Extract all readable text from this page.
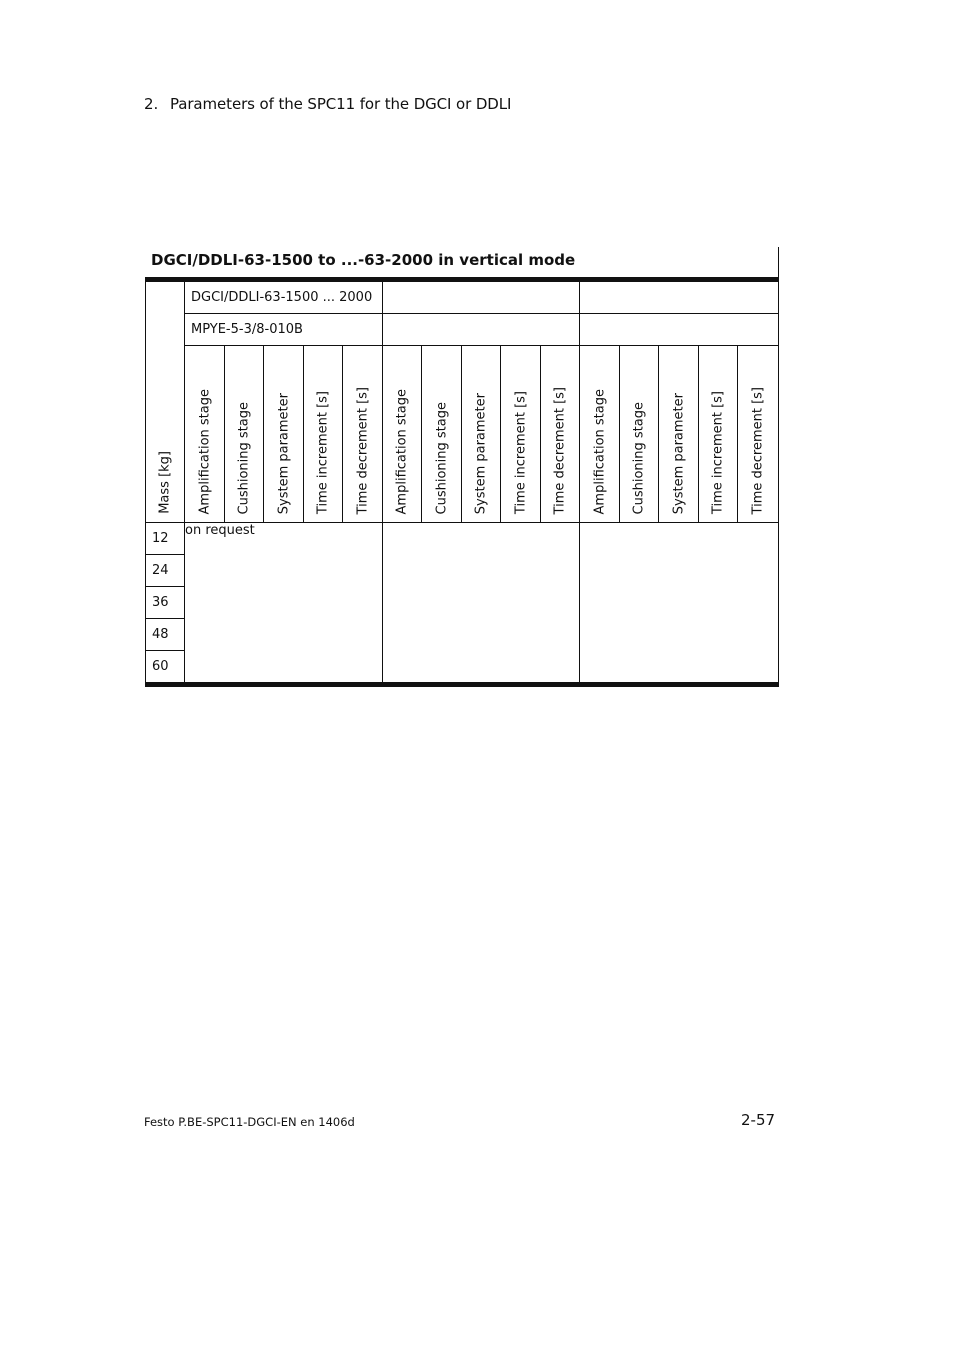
2. Parameters of the SPC11 for the DGCI or DDLI
DGCI/DDLI-63-1500 to ...-63-2000 in vertical mode
Mass [kg]	DGCI/DDLI-63-1500 ... 2000														
	MPYE-5-3/8-010B														

	Amplification stage	Cushioning stage	System parameter	Time increment [s]	Time decrement [s]	Amplification stage	Cushioning stage	System parameter	Time increment [s]	Time decrement [s]	Amplification stage	Cushioning stage	System parameter	Time increment [s]	Time decrement [s]

12	on request														
24															
36															
48															
60															
Festo P.BE-SPC11-DGCI-EN en 1406d	2-57
